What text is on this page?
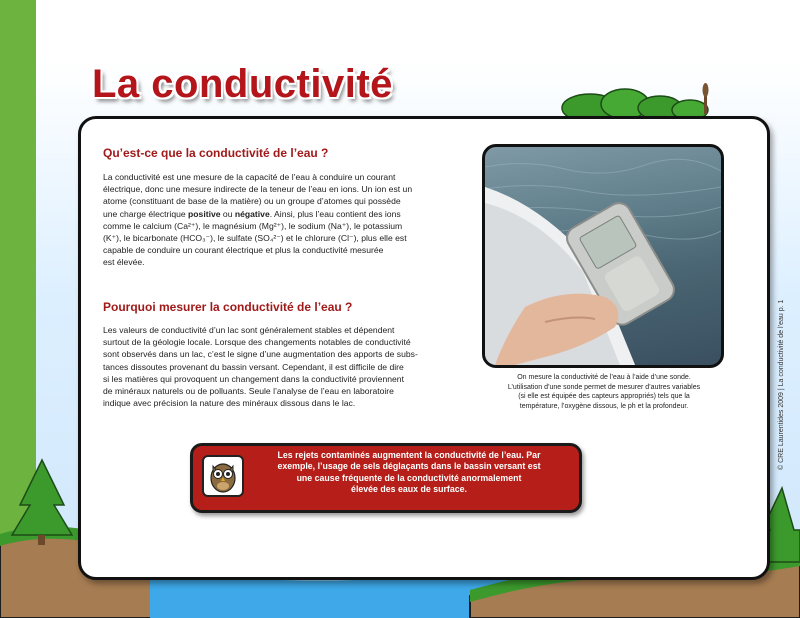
La conductivité
Qu’est-ce que la conductivité de l’eau ?
La conductivité est une mesure de la capacité de l’eau à conduire un courant
électrique, donc une mesure indirecte de la teneur de l’eau en ions. Un ion est un
atome (constituant de base de la matière) ou un groupe d’atomes qui possède
une charge électrique positive ou négative. Ainsi, plus l’eau contient des ions
comme le calcium (Ca²⁺), le magnésium (Mg²⁺), le sodium (Na⁺), le potassium
(K⁺), le bicarbonate (HCO₃⁻), le sulfate (SO₄²⁻) et le chlorure (Cl⁻), plus elle est
capable de conduire un courant électrique et plus la conductivité mesurée
est élevée.
Pourquoi mesurer la conductivité de l’eau ?
Les valeurs de conductivité d’un lac sont généralement stables et dépendent
surtout de la géologie locale. Lorsque des changements notables de conductivité
sont observés dans un lac, c’est le signe d’une augmentation des apports de subs-
tances dissoutes provenant du bassin versant. Cependant, il est difficile de dire
si les matières qui provoquent un changement dans la conductivité proviennent
de minéraux naturels ou de polluants. Seule l’analyse de l’eau en laboratoire
indique avec précision la nature des minéraux dissous dans le lac.
On mesure la conductivité de l’eau à l’aide d’une sonde.
L’utilisation d’une sonde permet de mesurer d’autres variables
(si elle est équipée des capteurs appropriés) tels que la
température, l’oxygène dissous, le ph et la profondeur.
Les rejets contaminés augmentent la conductivité de l’eau. Par
exemple, l’usage de sels déglaçants dans le bassin versant est
une cause fréquente de la conductivité anormalement
élevée des eaux de surface.
© CRE Laurentides 2009 | La conductivité de l’eau p. 1
